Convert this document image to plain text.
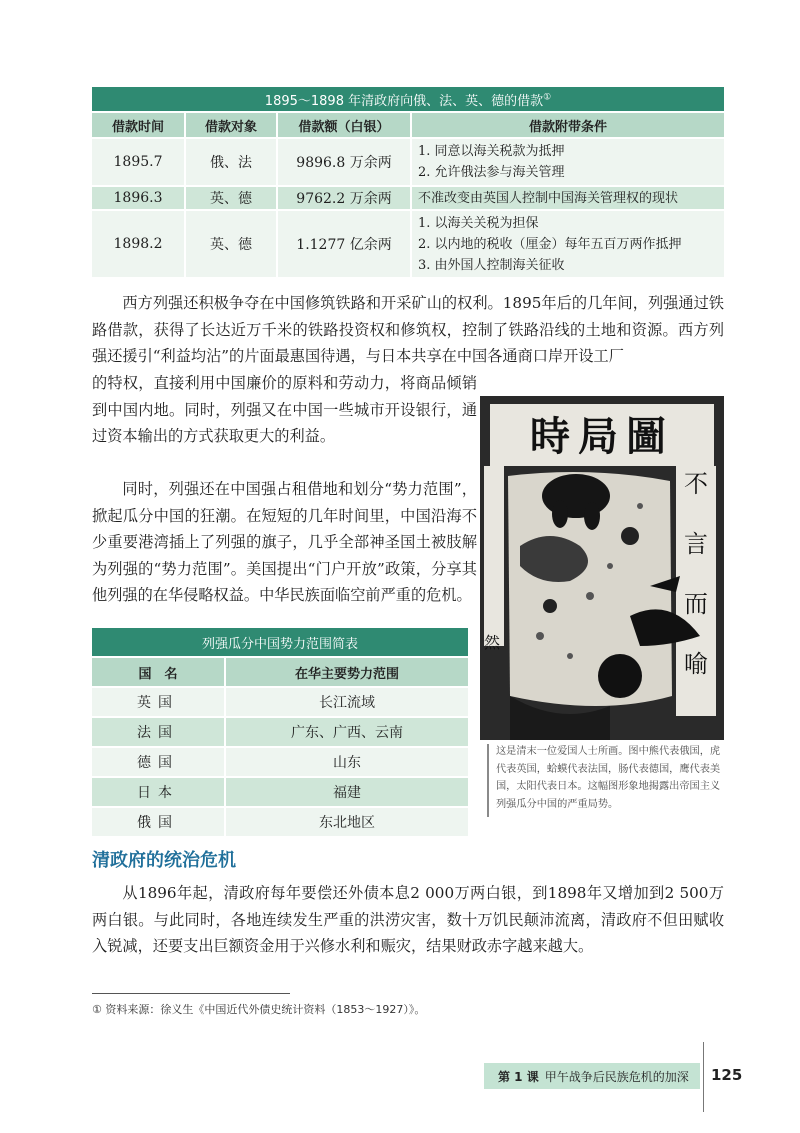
1895～1898 年清政府向俄、法、英、德的借款①
借款时间	借款对象	借款额（白银）	借款附带条件
1895.7	俄、法	9896.8 万余两	1. 同意以海关税款为抵押
2. 允许俄法参与海关管理

1896.3	英、德	9762.2 万余两	不准改变由英国人控制中国海关管理权的现状

1898.2	英、德	1.1277 亿余两	1. 以海关关税为担保
2. 以内地的税收（厘金）每年五百万两作抵押
3. 由外国人控制海关征收

西方列强还积极争夺在中国修筑铁路和开采矿山的权利。1895年后的几年间，列强通过铁路借款，获得了长达近万千米的铁路投资权和修筑权，控制了铁路沿线的土地和资源。西方列强还援引“利益均沾”的片面最惠国待遇，与日本共享在中国各通商口岸开设工厂

的特权，直接利用中国廉价的原料和劳动力，将商品倾销到中国内地。同时，列强又在中国一些城市开设银行，通过资本输出的方式获取更大的利益。

同时，列强还在中国强占租借地和划分“势力范围”，掀起瓜分中国的狂潮。在短短的几年时间里，中国沿海不少重要港湾插上了列强的旗子，几乎全部神圣国土被肢解为列强的“势力范围”。美国提出“门户开放”政策，分享其他列强的在华侵略权益。中华民族面临空前严重的危机。

時局圖
不
言
而
喻
然
这是清末一位爱国人士所画。图中熊代表俄国，虎代表英国，蛤蟆代表法国，肠代表德国，鹰代表美国，太阳代表日本。这幅图形象地揭露出帝国主义列强瓜分中国的严重局势。
列强瓜分中国势力范围简表	
国　名	在华主要势力范围
英国	长江流域
法国	广东、广西、云南
德国	山东
日本	福建
俄国	东北地区
清政府的统治危机

从1896年起，清政府每年要偿还外债本息2 000万两白银，到1898年又增加到2 500万两白银。与此同时，各地连续发生严重的洪涝灾害，数十万饥民颠沛流离，清政府不但田赋收入锐减，还要支出巨额资金用于兴修水利和赈灾，结果财政赤字越来越大。

① 资料来源：徐义生《中国近代外债史统计资料（1853～1927）》。
第 1 课 甲午战争后民族危机的加深 125
